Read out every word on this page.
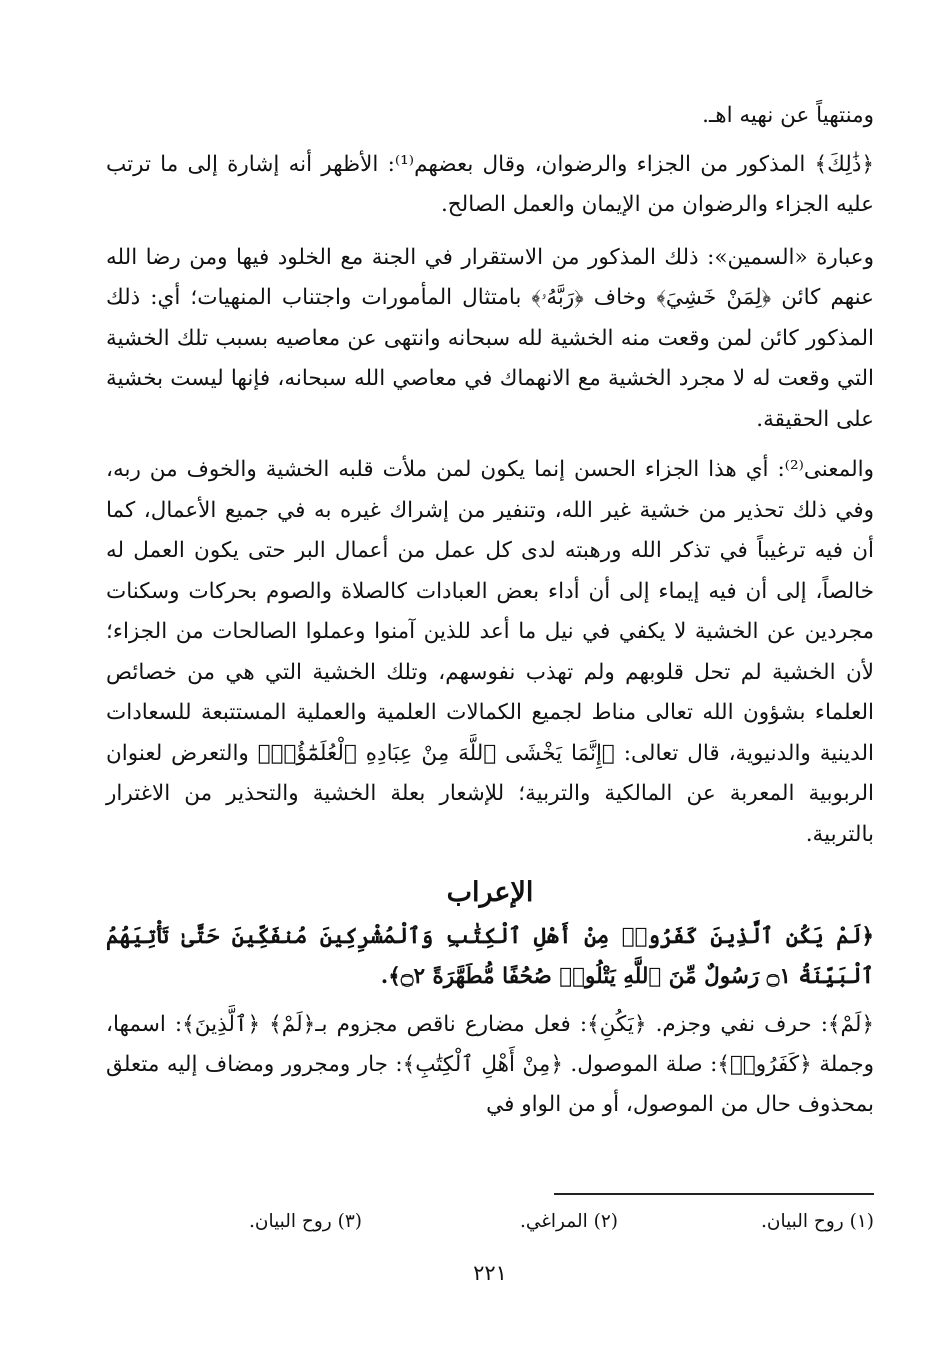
ومنتهياً عن نهيه اهـ.

﴿ذَٰلِكَ﴾ المذكور من الجزاء والرضوان، وقال بعضهم⁽¹⁾: الأظهر أنه إشارة إلى ما ترتب عليه الجزاء والرضوان من الإيمان والعمل الصالح.

وعبارة «السمين»: ذلك المذكور من الاستقرار في الجنة مع الخلود فيها ومن رضا الله عنهم كائن ﴿لِمَنْ خَشِيَ﴾ وخاف ﴿رَبَّهُۥ﴾ بامتثال المأمورات واجتناب المنهيات؛ أي: ذلك المذكور كائن لمن وقعت منه الخشية لله سبحانه وانتهى عن معاصيه بسبب تلك الخشية التي وقعت له لا مجرد الخشية مع الانهماك في معاصي الله سبحانه، فإنها ليست بخشية على الحقيقة.

والمعنى⁽²⁾: أي هذا الجزاء الحسن إنما يكون لمن ملأت قلبه الخشية والخوف من ربه، وفي ذلك تحذير من خشية غير الله، وتنفير من إشراك غيره به في جميع الأعمال، كما أن فيه ترغيباً في تذكر الله ورهبته لدى كل عمل من أعمال البر حتى يكون العمل له خالصاً، إلى أن فيه إيماء إلى أن أداء بعض العبادات كالصلاة والصوم بحركات وسكنات مجردين عن الخشية لا يكفي في نيل ما أعد للذين آمنوا وعملوا الصالحات من الجزاء؛ لأن الخشية لم تحل قلوبهم ولم تهذب نفوسهم، وتلك الخشية التي هي من خصائص العلماء بشؤون الله تعالى مناط لجميع الكمالات العلمية والعملية المستتبعة للسعادات الدينية والدنيوية، قال تعالى: ﴿إِنَّمَا يَخْشَى ٱللَّهَ مِنْ عِبَادِهِ ٱلْعُلَمَٰٓؤُا۟﴾ والتعرض لعنوان الربوبية المعربة عن المالكية والتربية؛ للإشعار بعلة الخشية والتحذير من الاغترار بالتربية.

الإعراب

﴿لَمْ يَكُنِ ٱلَّذِينَ كَفَرُوا۟ مِنْ أَهْلِ ٱلْكِتَٰبِ وَٱلْمُشْرِكِينَ مُنفَكِّينَ حَتَّىٰ تَأْتِيَهُمُ ٱلْبَيِّنَةُ ۝١ رَسُولٌ مِّنَ ٱللَّهِ يَتْلُوا۟ صُحُفًا مُّطَهَّرَةً ۝٢﴾.

﴿لَمْ﴾: حرف نفي وجزم. ﴿يَكُنِ﴾: فعل مضارع ناقص مجزوم بـ﴿لَمْ﴾ ﴿ٱلَّذِينَ﴾: اسمها، وجملة ﴿كَفَرُوا۟﴾: صلة الموصول. ﴿مِنْ أَهْلِ ٱلْكِتَٰبِ﴾: جار ومجرور ومضاف إليه متعلق بمحذوف حال من الموصول، أو من الواو في

(١) روح البيان.
(٢) المراغي.
(٣) روح البيان.
٢٢١
